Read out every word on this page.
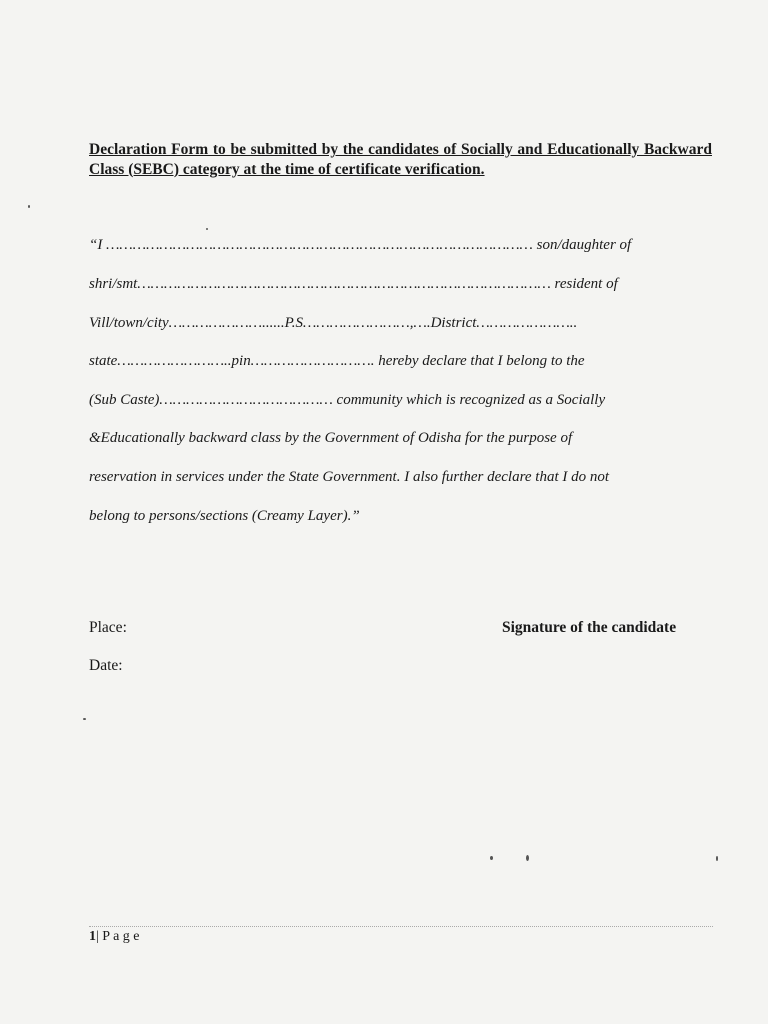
Declaration Form to be submitted by the candidates of Socially and Educationally Backward Class (SEBC) category at the time of certificate verification.

“I …………………………………………………………………………………… son/daughter of

shri/smt………………………………………………………………………………… resident of

Vill/town/city…………………......P.S……………………,….District…………………..

state……………………..pin………………………. hereby declare that I belong to the

(Sub Caste)………………………………… community which is recognized as a Socially

&Educationally backward class by the Government of Odisha for the purpose of

reservation in services under the State Government. I also further declare that I do not

belong to persons/sections (Creamy Layer).”

Place:	Signature of the candidate

Date:

1| P a g e
